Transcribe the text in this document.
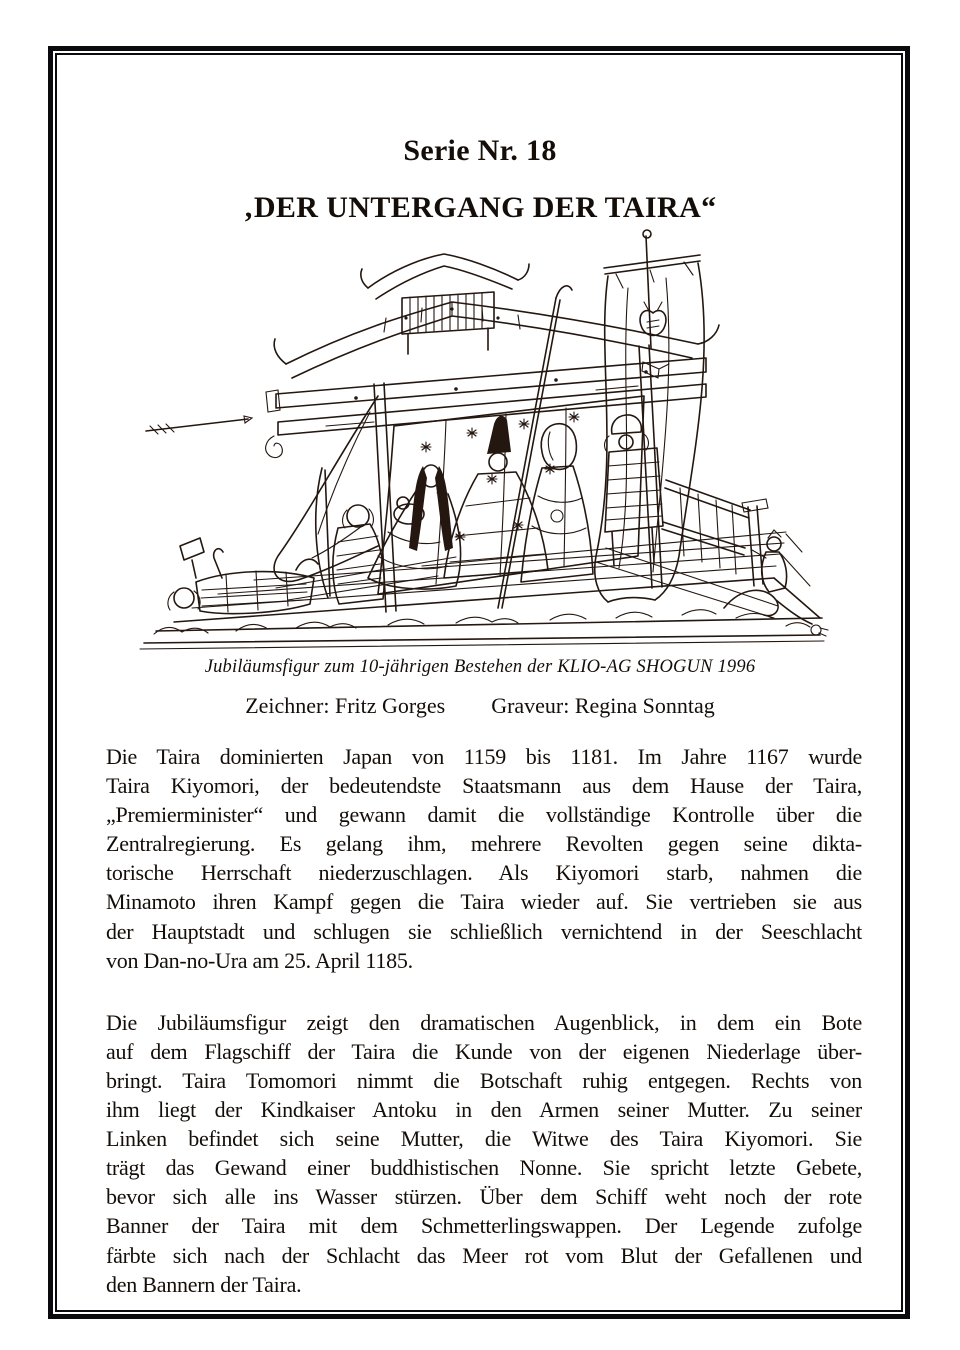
Serie Nr. 18
‚DER UNTERGANG DER TAIRA“
Jubiläumsfigur zum 10-jährigen Bestehen der KLIO-AG SHOGUN 1996
Zeichner: Fritz Gorges Graveur: Regina Sonntag
Die Taira dominierten Japan von 1159 bis 1181. Im Jahre 1167 wurde
Taira Kiyomori, der bedeutendste Staatsmann aus dem Hause der Taira,
„Premierminister“ und gewann damit die vollständige Kontrolle über die
Zentralregierung. Es gelang ihm, mehrere Revolten gegen seine dikta-
torische Herrschaft niederzuschlagen. Als Kiyomori starb, nahmen die
Minamoto ihren Kampf gegen die Taira wieder auf. Sie vertrieben sie aus
der Hauptstadt und schlugen sie schließlich vernichtend in der Seeschlacht
von Dan-no-Ura am 25. April 1185.
Die Jubiläumsfigur zeigt den dramatischen Augenblick, in dem ein Bote
auf dem Flagschiff der Taira die Kunde von der eigenen Niederlage über-
bringt. Taira Tomomori nimmt die Botschaft ruhig entgegen. Rechts von
ihm liegt der Kindkaiser Antoku in den Armen seiner Mutter. Zu seiner
Linken befindet sich seine Mutter, die Witwe des Taira Kiyomori. Sie
trägt das Gewand einer buddhistischen Nonne. Sie spricht letzte Gebete,
bevor sich alle ins Wasser stürzen. Über dem Schiff weht noch der rote
Banner der Taira mit dem Schmetterlingswappen. Der Legende zufolge
färbte sich nach der Schlacht das Meer rot vom Blut der Gefallenen und
den Bannern der Taira.
